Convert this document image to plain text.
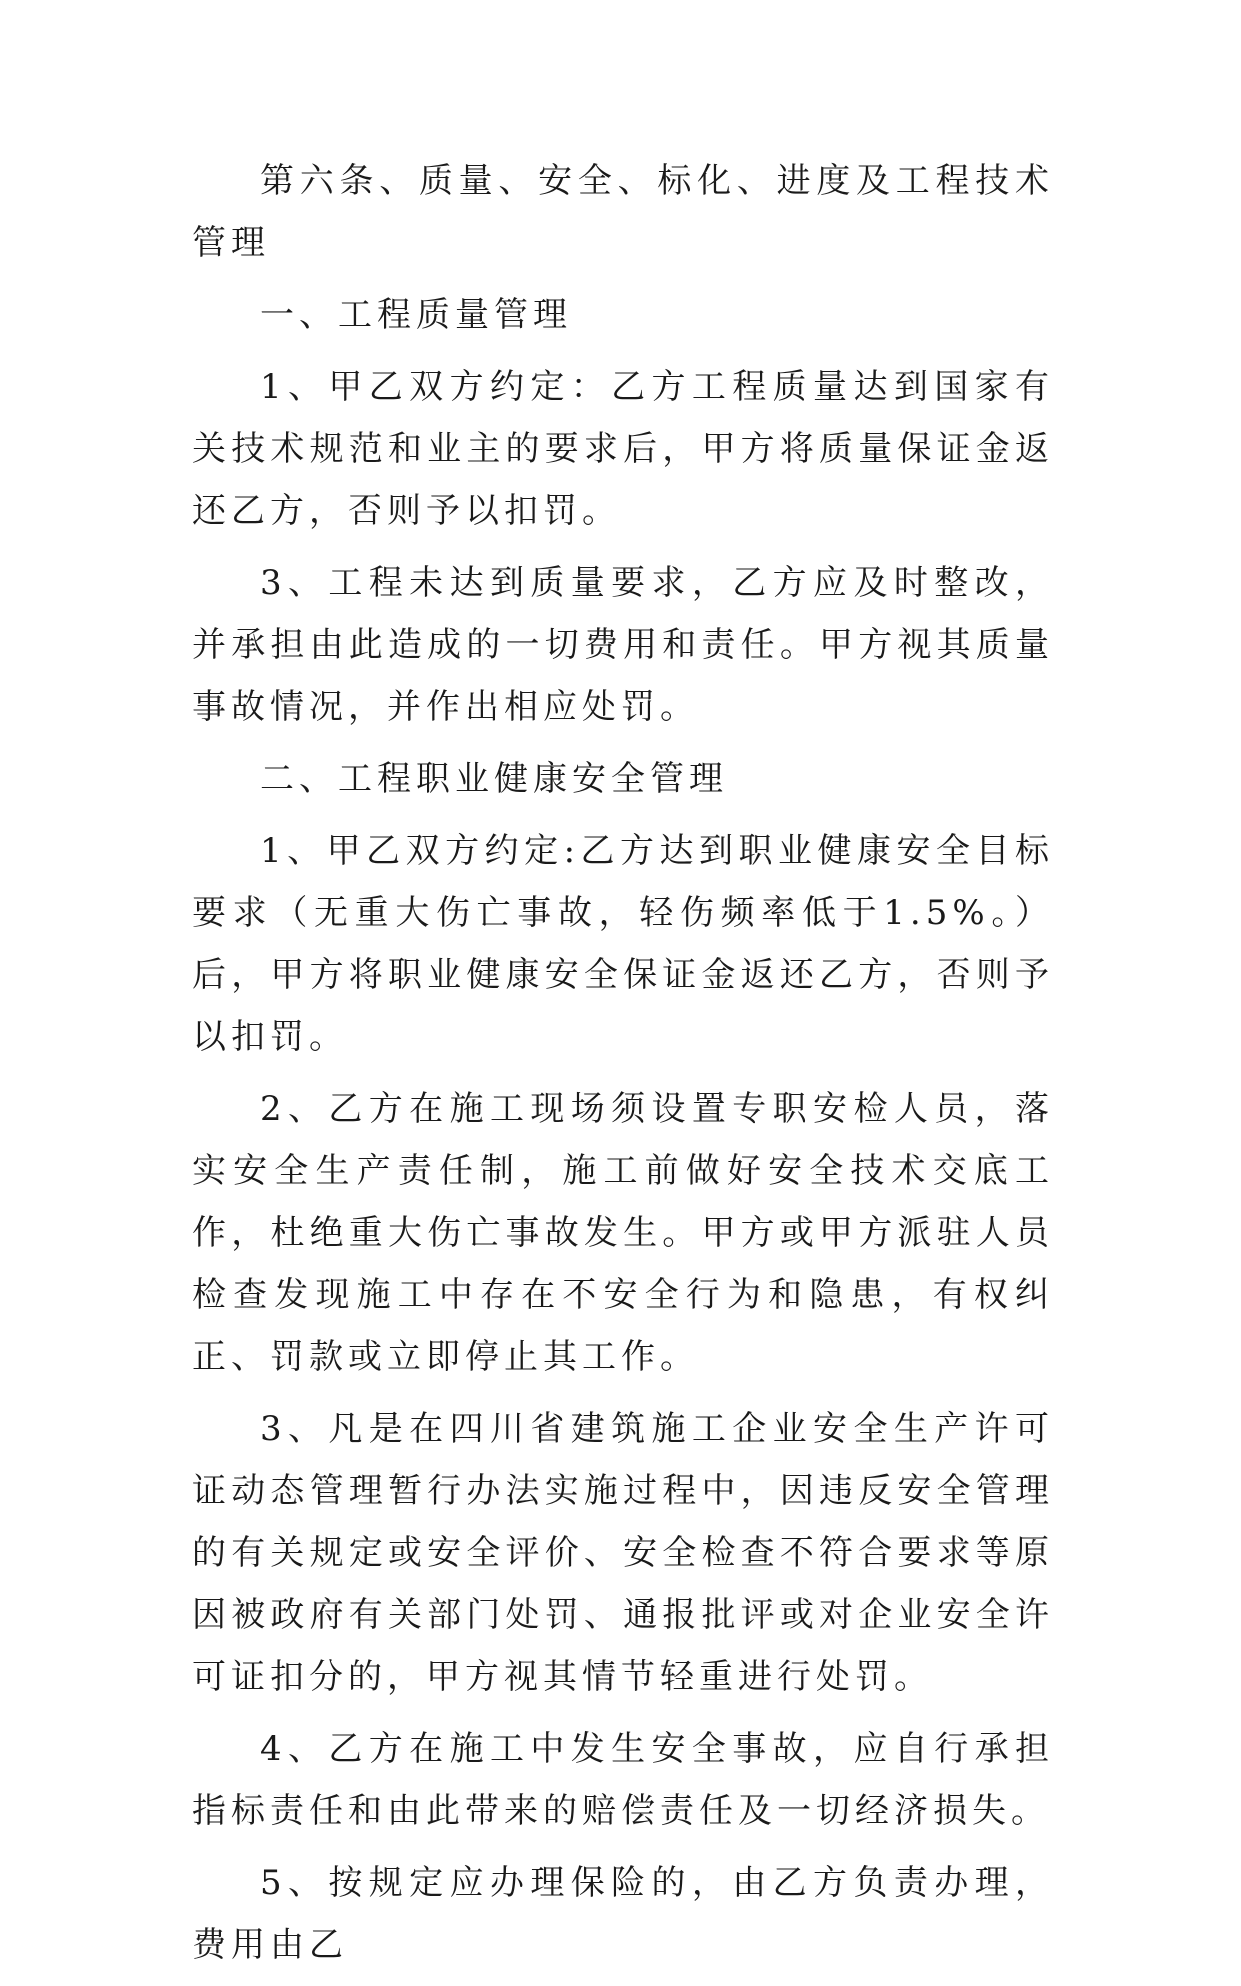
第六条、质量、安全、标化、进度及工程技术管理

一、工程质量管理

1、甲乙双方约定：乙方工程质量达到国家有关技术规范和业主的要求后，甲方将质量保证金返还乙方，否则予以扣罚。

3、工程未达到质量要求，乙方应及时整改，并承担由此造成的一切费用和责任。甲方视其质量事故情况，并作出相应处罚。

二、工程职业健康安全管理

1、甲乙双方约定:乙方达到职业健康安全目标要求（无重大伤亡事故，轻伤频率低于1.5%。）后，甲方将职业健康安全保证金返还乙方，否则予以扣罚。

2、乙方在施工现场须设置专职安检人员，落实安全生产责任制，施工前做好安全技术交底工作，杜绝重大伤亡事故发生。甲方或甲方派驻人员检查发现施工中存在不安全行为和隐患，有权纠正、罚款或立即停止其工作。

3、凡是在四川省建筑施工企业安全生产许可证动态管理暂行办法实施过程中，因违反安全管理的有关规定或安全评价、安全检查不符合要求等原因被政府有关部门处罚、通报批评或对企业安全许可证扣分的，甲方视其情节轻重进行处罚。

4、乙方在施工中发生安全事故，应自行承担指标责任和由此带来的赔偿责任及一切经济损失。

5、按规定应办理保险的，由乙方负责办理，费用由乙
